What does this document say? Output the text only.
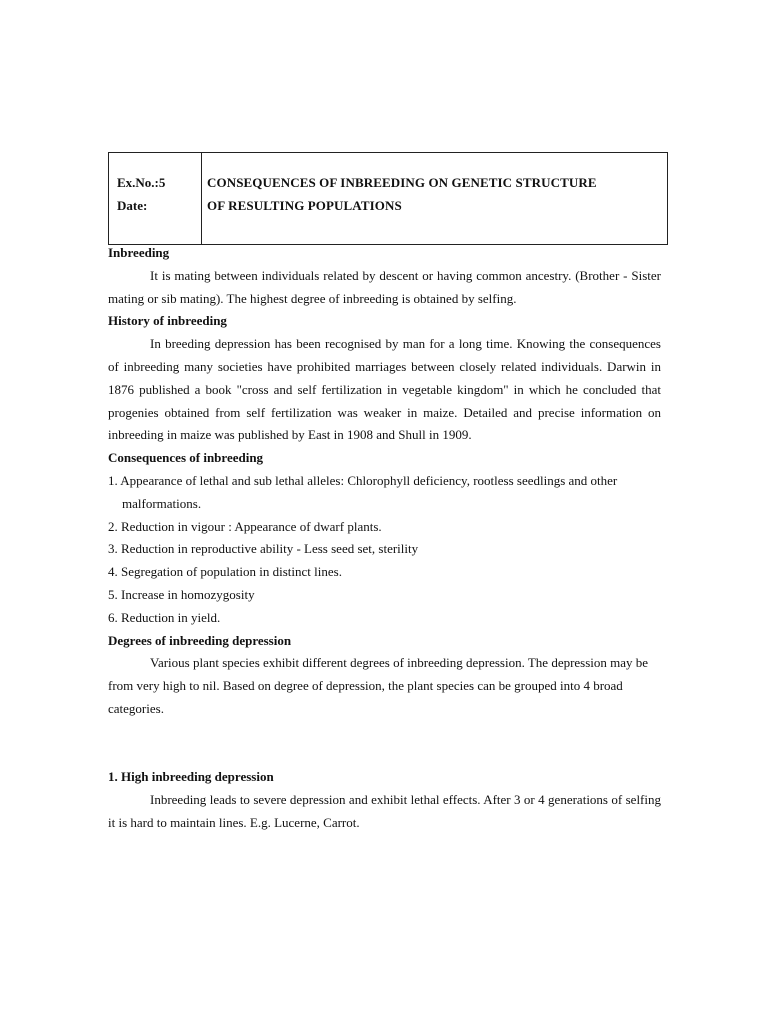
Ex.No.:5
Date:

CONSEQUENCES OF INBREEDING ON GENETIC STRUCTURE
OF RESULTING POPULATIONS

Inbreeding

It is mating between individuals related by descent or having common ancestry. (Brother - Sister mating or sib mating). The highest degree of inbreeding is obtained by selfing.

History of inbreeding

In breeding depression has been recognised by man for a long time. Knowing the consequences of inbreeding many societies have prohibited marriages between closely related individuals. Darwin in 1876 published a book "cross and self fertilization in vegetable kingdom" in which he concluded that progenies obtained from self fertilization was weaker in maize. Detailed and precise information on inbreeding in maize was published by East in 1908 and Shull in 1909.

Consequences of inbreeding

1. Appearance of lethal and sub lethal alleles: Chlorophyll deficiency, rootless seedlings and other malformations.
2. Reduction in vigour : Appearance of dwarf plants.
3. Reduction in reproductive ability - Less seed set, sterility
4. Segregation of population in distinct lines.
5. Increase in homozygosity
6. Reduction in yield.

Degrees of inbreeding depression

Various plant species exhibit different degrees of inbreeding depression. The depression may be from very high to nil. Based on degree of depression, the plant species can be grouped into 4 broad categories.

1. High inbreeding depression

Inbreeding leads to severe depression and exhibit lethal effects. After 3 or 4 generations of selfing it is hard to maintain lines. E.g. Lucerne, Carrot.
